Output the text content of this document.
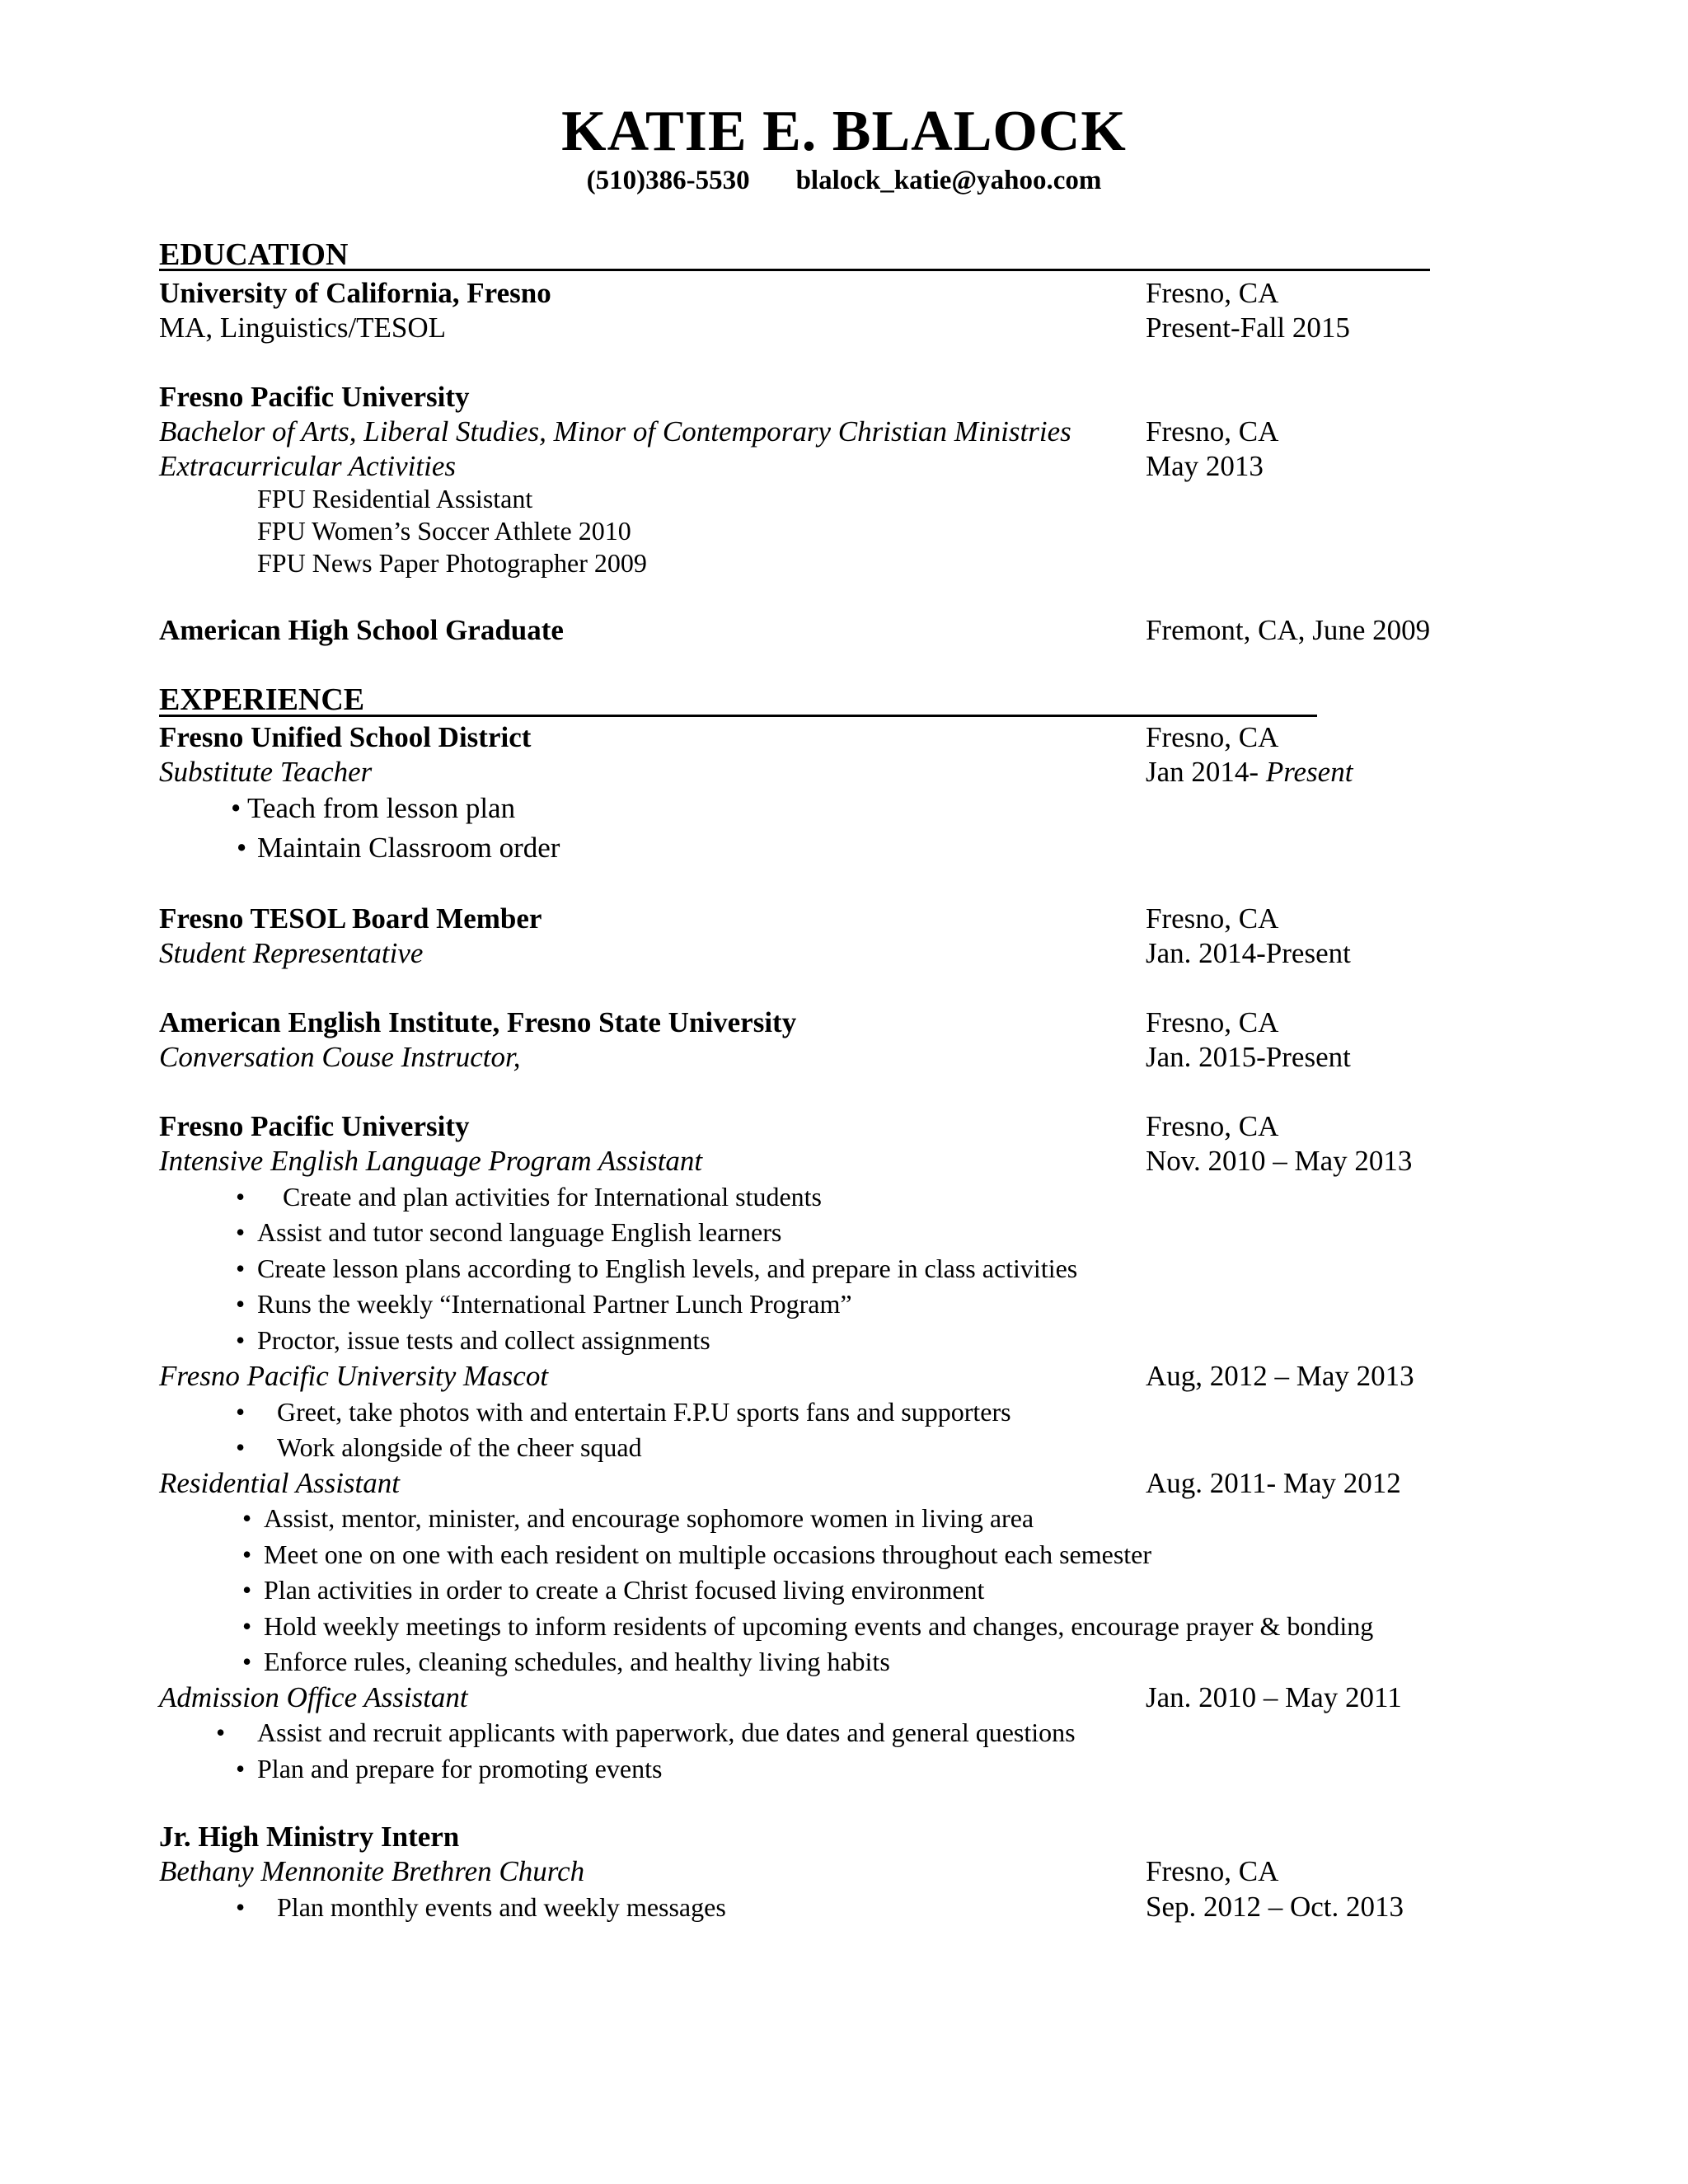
KATIE E. BLALOCK
(510)386-5530 blalock_katie@yahoo.com
EDUCATION
University of California, Fresno	Fresno, CA
MA, Linguistics/TESOL	Present-Fall 2015
Fresno Pacific University
Bachelor of Arts, Liberal Studies, Minor of Contemporary Christian Ministries	Fresno, CA
Extracurricular Activities	May 2013
FPU Residential Assistant
FPU Women’s Soccer Athlete 2010
FPU News Paper Photographer 2009
American High School Graduate	Fremont, CA, June 2009
EXPERIENCE
Fresno Unified School District	Fresno, CA
Substitute Teacher	Jan 2014- Present
• Teach from lesson plan
• Maintain Classroom order
Fresno TESOL Board Member	Fresno, CA
Student Representative	Jan. 2014-Present
American English Institute, Fresno State University	Fresno, CA
Conversation Couse Instructor,	Jan. 2015-Present
Fresno Pacific University	Fresno, CA
Intensive English Language Program Assistant	Nov. 2010 – May 2013
• Create and plan activities for International students
• Assist and tutor second language English learners
• Create lesson plans according to English levels, and prepare in class activities
• Runs the weekly “International Partner Lunch Program”
• Proctor, issue tests and collect assignments
Fresno Pacific University Mascot	Aug, 2012 – May 2013
• Greet, take photos with and entertain F.P.U sports fans and supporters
• Work alongside of the cheer squad
Residential Assistant	Aug. 2011- May 2012
• Assist, mentor, minister, and encourage sophomore women in living area
• Meet one on one with each resident on multiple occasions throughout each semester
• Plan activities in order to create a Christ focused living environment
• Hold weekly meetings to inform residents of upcoming events and changes, encourage prayer & bonding
• Enforce rules, cleaning schedules, and healthy living habits
Admission Office Assistant	Jan. 2010 – May 2011
• Assist and recruit applicants with paperwork, due dates and general questions
• Plan and prepare for promoting events
Jr. High Ministry Intern
Bethany Mennonite Brethren Church	Fresno, CA
• Plan monthly events and weekly messages	Sep. 2012 – Oct. 2013
